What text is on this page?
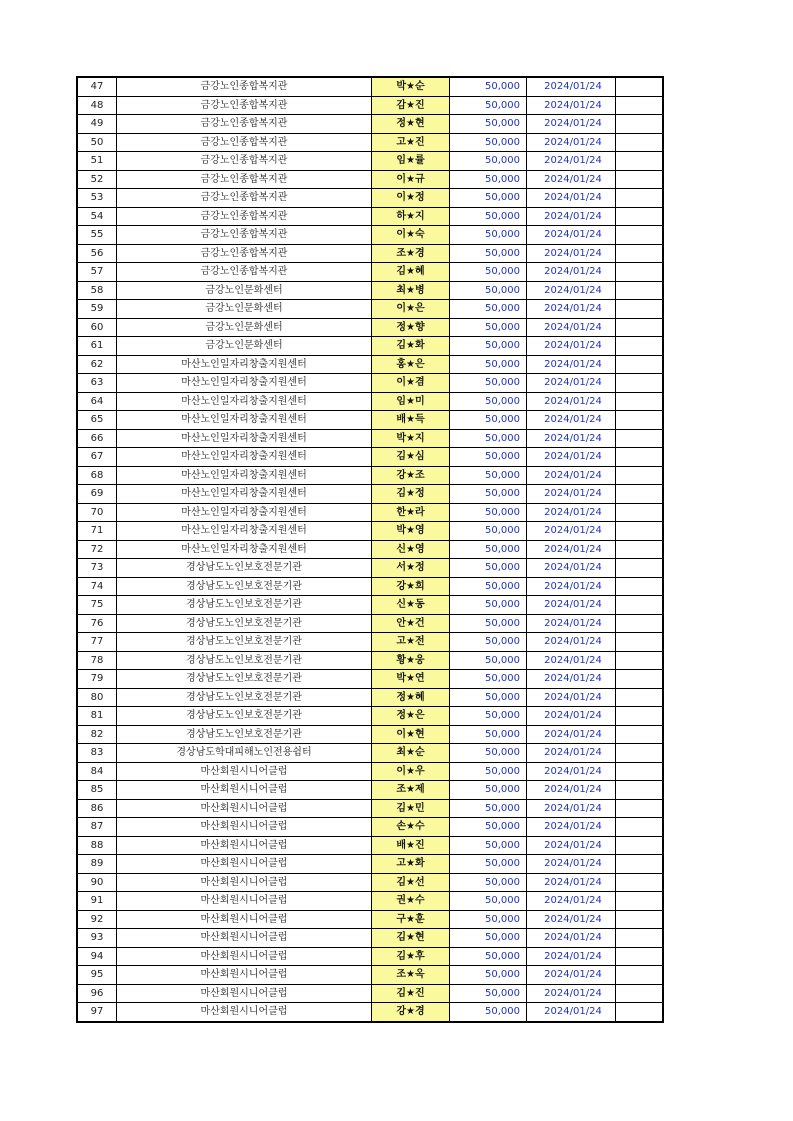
47	금강노인종합복지관	박★순	50,000	2024/01/24	
48	금강노인종합복지관	감★진	50,000	2024/01/24	
49	금강노인종합복지관	정★현	50,000	2024/01/24	
50	금강노인종합복지관	고★진	50,000	2024/01/24	
51	금강노인종합복지관	임★률	50,000	2024/01/24	
52	금강노인종합복지관	이★규	50,000	2024/01/24	
53	금강노인종합복지관	이★정	50,000	2024/01/24	
54	금강노인종합복지관	하★지	50,000	2024/01/24	
55	금강노인종합복지관	이★숙	50,000	2024/01/24	
56	금강노인종합복지관	조★경	50,000	2024/01/24	
57	금강노인종합복지관	김★혜	50,000	2024/01/24	
58	금강노인문화센터	최★병	50,000	2024/01/24	
59	금강노인문화센터	이★은	50,000	2024/01/24	
60	금강노인문화센터	정★향	50,000	2024/01/24	
61	금강노인문화센터	김★화	50,000	2024/01/24	
62	마산노인일자리창출지원센터	홍★은	50,000	2024/01/24	
63	마산노인일자리창출지원센터	이★겸	50,000	2024/01/24	
64	마산노인일자리창출지원센터	임★미	50,000	2024/01/24	
65	마산노인일자리창출지원센터	배★득	50,000	2024/01/24	
66	마산노인일자리창출지원센터	박★지	50,000	2024/01/24	
67	마산노인일자리창출지원센터	김★심	50,000	2024/01/24	
68	마산노인일자리창출지원센터	강★조	50,000	2024/01/24	
69	마산노인일자리창출지원센터	김★정	50,000	2024/01/24	
70	마산노인일자리창출지원센터	한★라	50,000	2024/01/24	
71	마산노인일자리창출지원센터	박★영	50,000	2024/01/24	
72	마산노인일자리창출지원센터	신★영	50,000	2024/01/24	
73	경상남도노인보호전문기관	서★정	50,000	2024/01/24	
74	경상남도노인보호전문기관	강★희	50,000	2024/01/24	
75	경상남도노인보호전문기관	신★동	50,000	2024/01/24	
76	경상남도노인보호전문기관	안★건	50,000	2024/01/24	
77	경상남도노인보호전문기관	고★전	50,000	2024/01/24	
78	경상남도노인보호전문기관	황★웅	50,000	2024/01/24	
79	경상남도노인보호전문기관	박★연	50,000	2024/01/24	
80	경상남도노인보호전문기관	정★혜	50,000	2024/01/24	
81	경상남도노인보호전문기관	정★은	50,000	2024/01/24	
82	경상남도노인보호전문기관	이★현	50,000	2024/01/24	
83	경상남도학대피해노인전용쉼터	최★순	50,000	2024/01/24	
84	마산회원시니어클럽	이★우	50,000	2024/01/24	
85	마산회원시니어클럽	조★제	50,000	2024/01/24	
86	마산회원시니어클럽	김★민	50,000	2024/01/24	
87	마산회원시니어클럽	손★수	50,000	2024/01/24	
88	마산회원시니어클럽	배★진	50,000	2024/01/24	
89	마산회원시니어클럽	고★화	50,000	2024/01/24	
90	마산회원시니어클럽	김★선	50,000	2024/01/24	
91	마산회원시니어클럽	권★수	50,000	2024/01/24	
92	마산회원시니어클럽	구★훈	50,000	2024/01/24	
93	마산회원시니어클럽	김★현	50,000	2024/01/24	
94	마산회원시니어클럽	김★후	50,000	2024/01/24	
95	마산회원시니어클럽	조★옥	50,000	2024/01/24	
96	마산회원시니어클럽	김★진	50,000	2024/01/24	
97	마산회원시니어클럽	강★경	50,000	2024/01/24	
